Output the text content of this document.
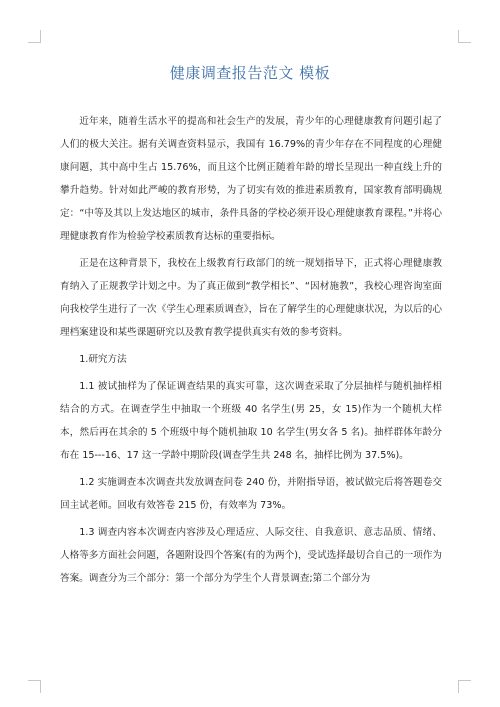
健康调查报告范文 模板

近年来，随着生活水平的提高和社会生产的发展，青少年的心理健康教育问题引起了人们的极大关注。据有关调查资料显示，我国有 16.79%的青少年存在不同程度的心理健康问题，其中高中生占 15.76%，而且这个比例正随着年龄的增长呈现出一种直线上升的攀升趋势。针对如此严峻的教育形势，为了切实有效的推进素质教育，国家教育部明确规定：“中等及其以上发达地区的城市，条件具备的学校必须开设心理健康教育课程。”并将心理健康教育作为检验学校素质教育达标的重要指标。

正是在这种背景下，我校在上级教育行政部门的统一规划指导下，正式将心理健康教育纳入了正规教学计划之中。为了真正做到“教学相长”、“因材施教”，我校心理咨询室面向我校学生进行了一次《学生心理素质调查》，旨在了解学生的心理健康状况，为以后的心理档案建设和某些课题研究以及教育教学提供真实有效的参考资料。

1.研究方法

1.1 被试抽样为了保证调查结果的真实可靠，这次调查采取了分层抽样与随机抽样相结合的方式。在调查学生中抽取一个班级 40 名学生(男 25，女 15)作为一个随机大样本，然后再在其余的 5 个班级中每个随机抽取 10 名学生(男女各 5 名)。抽样群体年龄分布在 15---16、17 这一学龄中期阶段(调查学生共 248 名，抽样比例为 37.5%)。

1.2 实施调查本次调查共发放调查问卷 240 份，并附指导语，被试做完后将答题卷交回主试老师。回收有效答卷 215 份，有效率为 73%。

1.3 调查内容本次调查内容涉及心理适应、人际交往、自我意识、意志品质、情绪、人格等多方面社会问题，各题附设四个答案(有的为两个)，受试选择最切合自己的一项作为答案。调查分为三个部分：第一个部分为学生个人背景调查;第二个部分为
